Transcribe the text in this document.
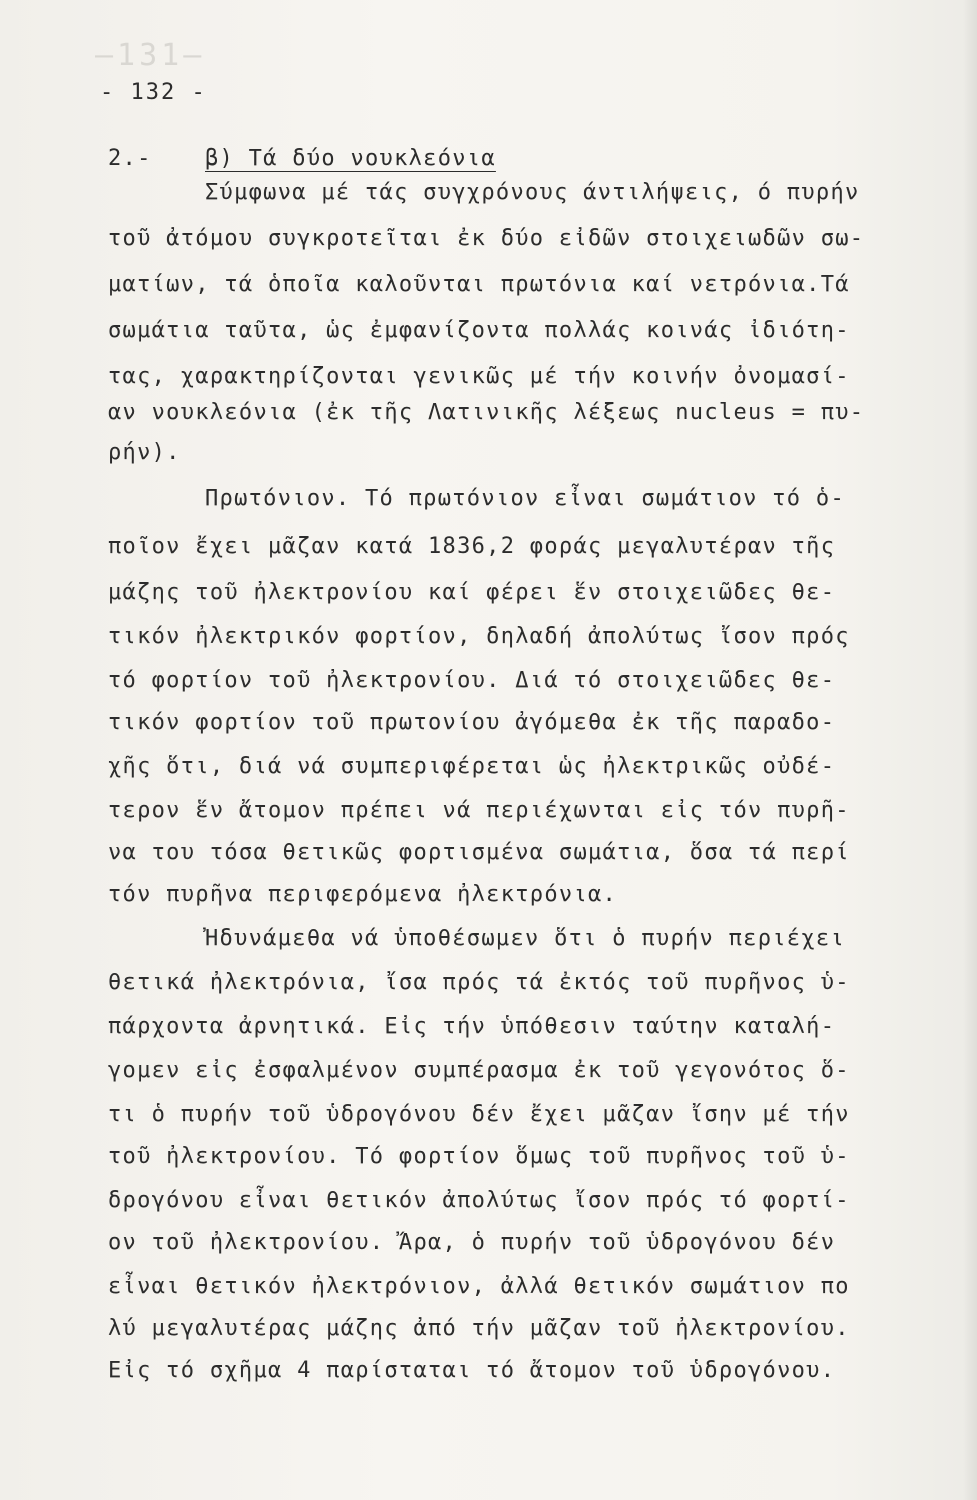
–131–
- 132 -
2.-	β) Τά δύο νουκλεόνια
Σύμφωνα μέ τάς συγχρόνους άντιλήψεις, ό πυρήν
τοῦ ἀτόμου συγκροτεῖται ἐκ δύο εἰδῶν στοιχειωδῶν σω-
ματίων, τά ὁποῖα καλοῦνται πρωτόνια καί νετρόνια.Τά
σωμάτια ταῦτα, ὡς ἐμφανίζοντα πολλάς κοινάς ἰδιότη-
τας, χαρακτηρίζονται γενικῶς μέ τήν κοινήν ὀνομασί-
αν νουκλεόνια (ἐκ τῆς Λατινικῆς λέξεως nucleus = πυ-
ρήν).
Πρωτόνιον. Τό πρωτόνιον εἶναι σωμάτιον τό ὁ-
ποῖον ἔχει μᾶζαν κατά 1836,2 φοράς μεγαλυτέραν τῆς
μάζης τοῦ ἠλεκτρονίου καί φέρει ἕν στοιχειῶδες θε-
τικόν ἠλεκτρικόν φορτίον, δηλαδή ἀπολύτως ἴσον πρός
τό φορτίον τοῦ ἠλεκτρονίου. Διά τό στοιχειῶδες θε-
τικόν φορτίον τοῦ πρωτονίου ἀγόμεθα ἐκ τῆς παραδο-
χῆς ὅτι, διά νά συμπεριφέρεται ὡς ἠλεκτρικῶς οὐδέ-
τερον ἕν ἄτομον πρέπει νά περιέχωνται εἰς τόν πυρῆ-
να του τόσα θετικῶς φορτισμένα σωμάτια, ὅσα τά περί
τόν πυρῆνα περιφερόμενα ἠλεκτρόνια.
Ἠδυνάμεθα νά ὑποθέσωμεν ὅτι ὁ πυρήν περιέχει
θετικά ἠλεκτρόνια, ἴσα πρός τά ἐκτός τοῦ πυρῆνος ὑ-
πάρχοντα ἀρνητικά. Εἰς τήν ὑπόθεσιν ταύτην καταλή-
γομεν εἰς ἐσφαλμένον συμπέρασμα ἐκ τοῦ γεγονότος ὅ-
τι ὁ πυρήν τοῦ ὑδρογόνου δέν ἔχει μᾶζαν ἴσην μέ τήν
τοῦ ἠλεκτρονίου. Τό φορτίον ὅμως τοῦ πυρῆνος τοῦ ὑ-
δρογόνου εἶναι θετικόν ἀπολύτως ἴσον πρός τό φορτί-
ον τοῦ ἠλεκτρονίου. Ἄρα, ὁ πυρήν τοῦ ὑδρογόνου δέν
εἶναι θετικόν ἠλεκτρόνιον, ἀλλά θετικόν σωμάτιον πο
λύ μεγαλυτέρας μάζης ἀπό τήν μᾶζαν τοῦ ἠλεκτρονίου.
Εἰς τό σχῆμα 4 παρίσταται τό ἄτομον τοῦ ὑδρογόνου.
